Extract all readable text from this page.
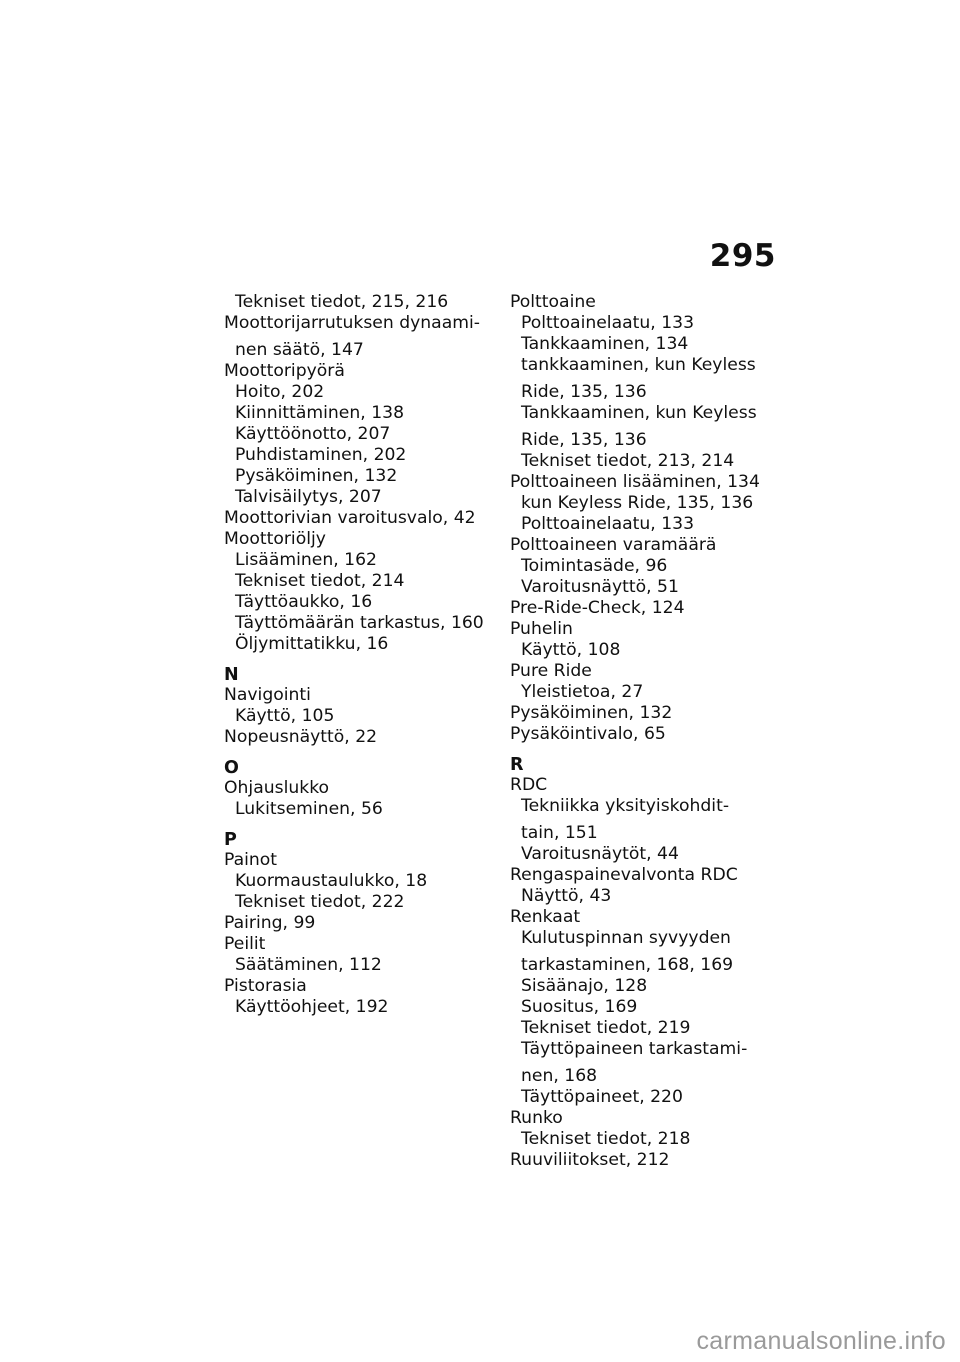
295
Tekniset tiedot, 215, 216
Moottorijarrutuksen dynaami-
nen säätö, 147
Moottoripyörä
Hoito, 202
Kiinnittäminen, 138
Käyttöönotto, 207
Puhdistaminen, 202
Pysäköiminen, 132
Talvisäilytys, 207
Moottorivian varoitusvalo, 42
Moottoriöljy
Lisääminen, 162
Tekniset tiedot, 214
Täyttöaukko, 16
Täyttömäärän tarkastus, 160
Öljymittatikku, 16
N
Navigointi
Käyttö, 105
Nopeusnäyttö, 22
O
Ohjauslukko
Lukitseminen, 56
P
Painot
Kuormaustaulukko, 18
Tekniset tiedot, 222
Pairing, 99
Peilit
Säätäminen, 112
Pistorasia
Käyttöohjeet, 192
Polttoaine
Polttoainelaatu, 133
Tankkaaminen, 134
tankkaaminen, kun Keyless
Ride, 135, 136
Tankkaaminen, kun Keyless
Ride, 135, 136
Tekniset tiedot, 213, 214
Polttoaineen lisääminen, 134
kun Keyless Ride, 135, 136
Polttoainelaatu, 133
Polttoaineen varamäärä
Toimintasäde, 96
Varoitusnäyttö, 51
Pre-Ride-Check, 124
Puhelin
Käyttö, 108
Pure Ride
Yleistietoa, 27
Pysäköiminen, 132
Pysäköintivalo, 65
R
RDC
Tekniikka yksityiskohdit-
tain, 151
Varoitusnäytöt, 44
Rengaspainevalvonta RDC
Näyttö, 43
Renkaat
Kulutuspinnan syvyyden
tarkastaminen, 168, 169
Sisäänajo, 128
Suositus, 169
Tekniset tiedot, 219
Täyttöpaineen tarkastami-
nen, 168
Täyttöpaineet, 220
Runko
Tekniset tiedot, 218
Ruuviliitokset, 212
carmanualsonline.info
